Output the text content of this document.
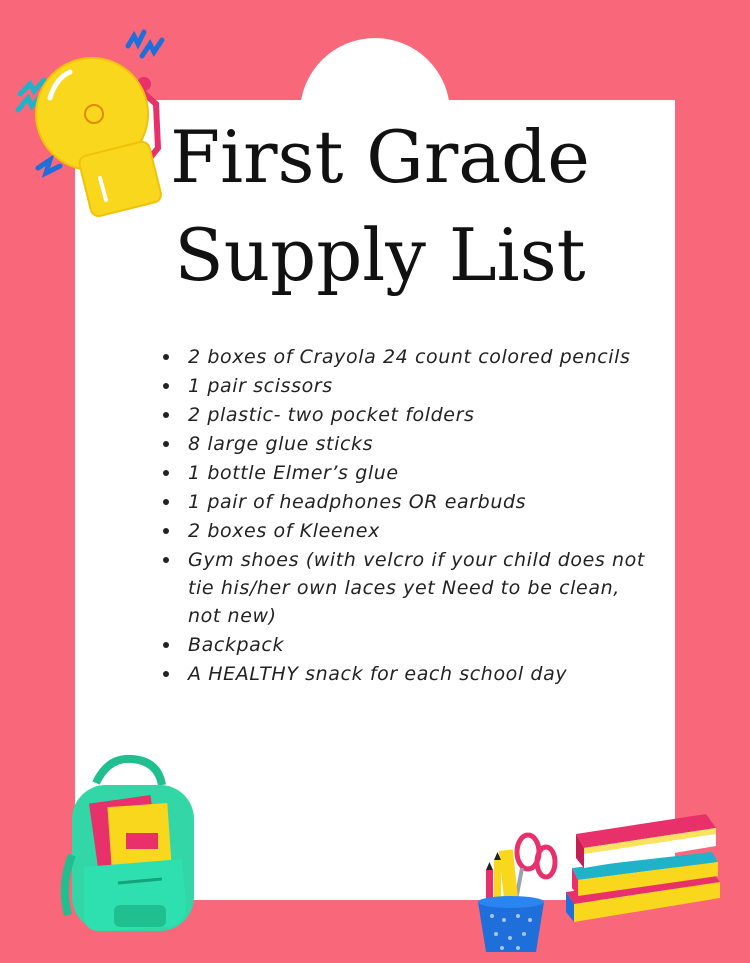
First Grade
Supply List
• 2 boxes of Crayola 24 count colored pencils
• 1 pair scissors
• 2 plastic- two pocket folders
• 8 large glue sticks
• 1 bottle Elmer’s glue
• 1 pair of headphones OR earbuds
• 2 boxes of Kleenex
• Gym shoes (with velcro if your child does not tie his/her own laces yet Need to be clean, not new)
• Backpack
• A HEALTHY snack for each school day
